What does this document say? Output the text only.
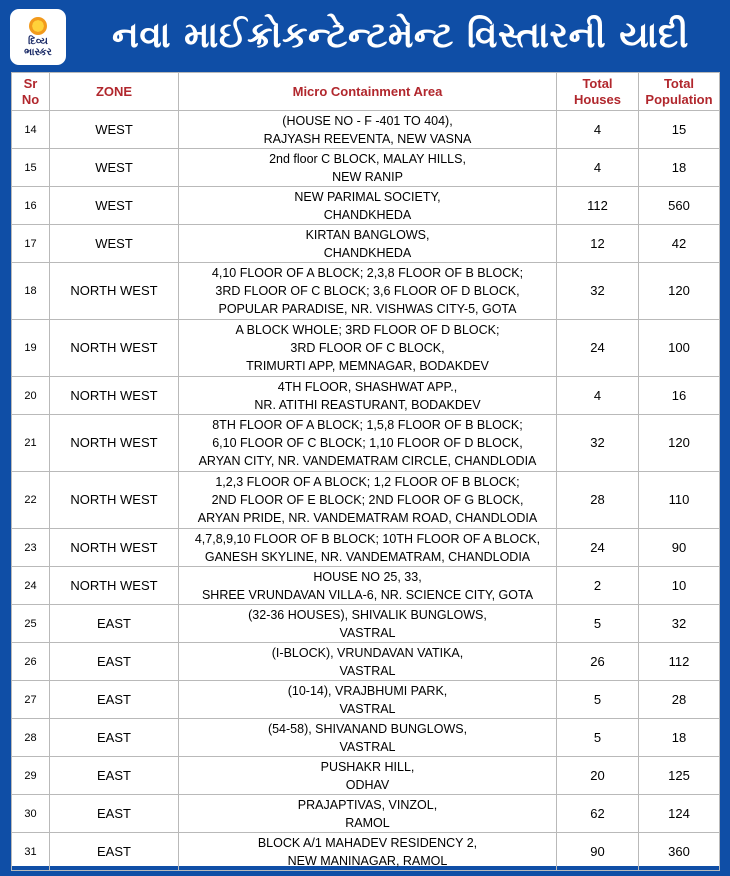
દિવ્ય
ભાસ્કર	નવા માઈક્રોકન્ટેન્ટમેન્ટ વિસ્તારની યાદી
Sr
No	ZONE	Micro Containment Area	Total
Houses	Total
Population
14	WEST	(HOUSE NO - F -401 TO 404),
RAJYASH REEVENTA, NEW VASNA	4	15
15	WEST	2nd floor C BLOCK, MALAY HILLS,
NEW RANIP	4	18
16	WEST	NEW PARIMAL SOCIETY,
CHANDKHEDA	112	560
17	WEST	KIRTAN BANGLOWS,
CHANDKHEDA	12	42
18	NORTH WEST	4,10 FLOOR OF A BLOCK; 2,3,8 FLOOR OF B BLOCK;
3RD FLOOR OF C BLOCK; 3,6 FLOOR OF D BLOCK,
POPULAR PARADISE, NR. VISHWAS CITY-5, GOTA	32	120
19	NORTH WEST	A BLOCK WHOLE; 3RD FLOOR OF D BLOCK;
3RD FLOOR OF C BLOCK,
TRIMURTI APP, MEMNAGAR, BODAKDEV	24	100
20	NORTH WEST	4TH FLOOR, SHASHWAT APP.,
NR. ATITHI REASTURANT, BODAKDEV	4	16
21	NORTH WEST	8TH FLOOR OF A BLOCK; 1,5,8 FLOOR OF B BLOCK;
6,10 FLOOR OF C BLOCK; 1,10 FLOOR OF D BLOCK,
ARYAN CITY, NR. VANDEMATRAM CIRCLE, CHANDLODIA	32	120
22	NORTH WEST	1,2,3 FLOOR OF A BLOCK; 1,2 FLOOR OF B BLOCK;
2ND FLOOR OF E BLOCK; 2ND FLOOR OF G BLOCK,
ARYAN PRIDE, NR. VANDEMATRAM ROAD, CHANDLODIA	28	110
23	NORTH WEST	4,7,8,9,10 FLOOR OF B BLOCK; 10TH FLOOR OF A BLOCK,
GANESH SKYLINE, NR. VANDEMATRAM, CHANDLODIA	24	90
24	NORTH WEST	HOUSE NO 25, 33,
SHREE VRUNDAVAN VILLA-6, NR. SCIENCE CITY, GOTA	2	10
25	EAST	(32-36 HOUSES), SHIVALIK BUNGLOWS,
VASTRAL	5	32
26	EAST	(I-BLOCK), VRUNDAVAN VATIKA,
VASTRAL	26	112
27	EAST	(10-14), VRAJBHUMI PARK,
VASTRAL	5	28
28	EAST	(54-58), SHIVANAND BUNGLOWS,
VASTRAL	5	18
29	EAST	PUSHAKR HILL,
ODHAV	20	125
30	EAST	PRAJAPTIVAS, VINZOL,
RAMOL	62	124
31	EAST	BLOCK A/1 MAHADEV RESIDENCY 2,
NEW MANINAGAR, RAMOL	90	360
